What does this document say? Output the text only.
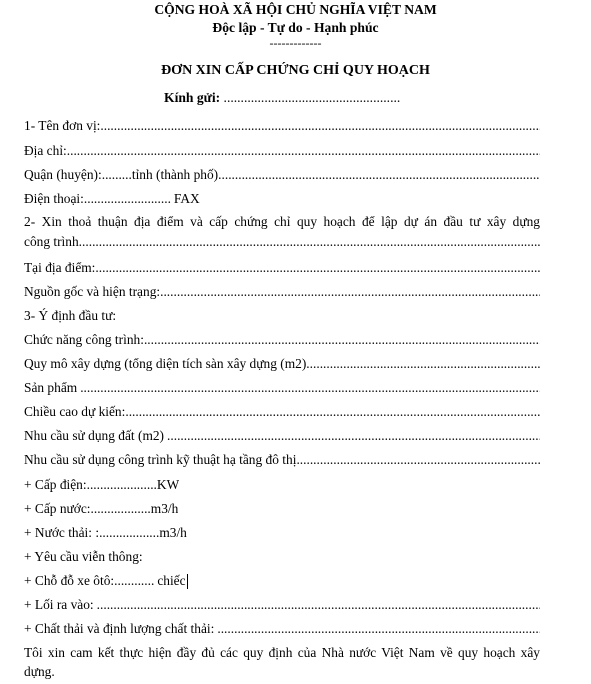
CỘNG HOÀ XÃ HỘI CHỦ NGHĨA VIỆT NAM
Độc lập - Tự do - Hạnh phúc
-------------
ĐƠN XIN CẤP CHỨNG CHỈ QUY HOẠCH
Kính gửi: ....................................................
1- Tên đơn vị:
.....
Địa chỉ:
.....
Quận (huyện): ......... tỉnh (thành phố).
.....
Điện thoại: .......................... FAX
2- Xin thoả thuận địa điểm và cấp chứng chỉ quy hoạch để lập dự án đầu tư xây dựng
công trình
.....
Tại địa điểm:
.....
Nguồn gốc và hiện trạng:
.....
3- Ý định đầu tư:
Chức năng công trình:
.....
Quy mô xây dựng (tổng diện tích sàn xây dựng (m2)
.....
Sản phẩm
.....
Chiều cao dự kiến:
.....
Nhu cầu sử dụng đất (m2)
.....
Nhu cầu sử dụng công trình kỹ thuật hạ tầng đô thị
.....
+ Cấp điện: ..................... KW
+ Cấp nước: .................. m3/h
+ Nước thải: : .................. m3/h
+ Yêu cầu viễn thông:
+ Chỗ đỗ xe ôtô: ............ chiếc
+ Lối ra vào:
.....
+ Chất thải và định lượng chất thải:
.....
Tôi xin cam kết thực hiện đầy đủ các quy định của Nhà nước Việt Nam về quy hoạch xây
dựng.
